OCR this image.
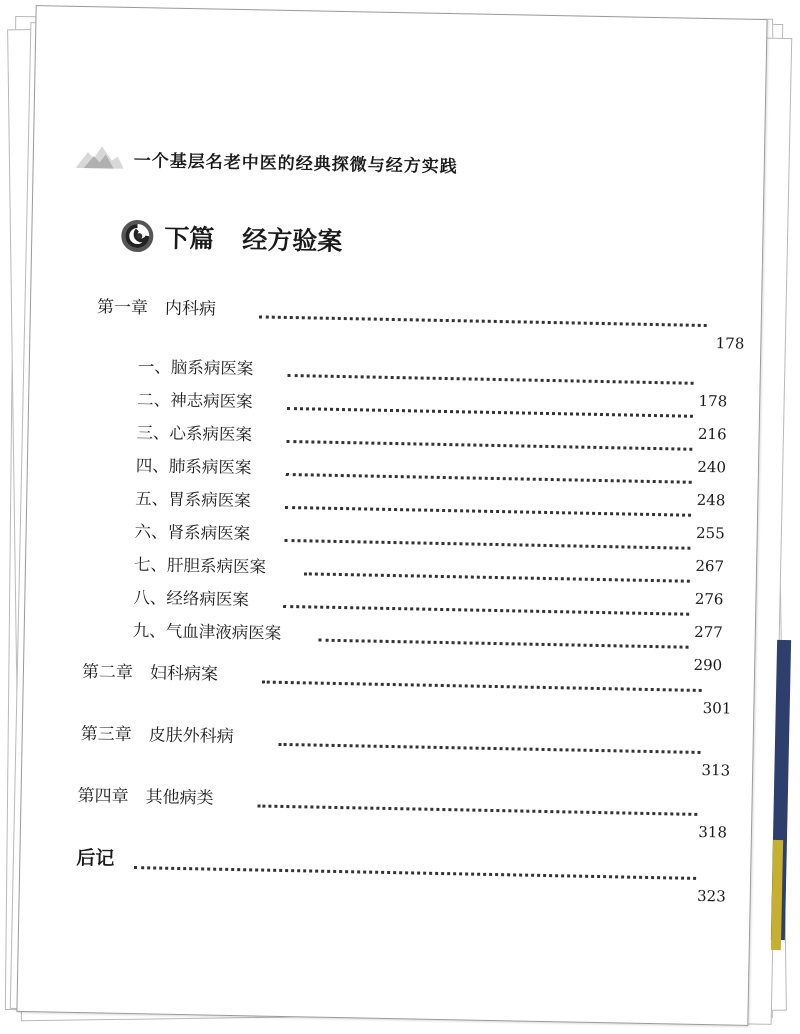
一个基层名老中医的经典探微与经方实践
下篇 经方验案
第一章　内科病
178
一、脑系病医案
178
二、神志病医案
216
三、心系病医案
240
四、肺系病医案
248
五、胃系病医案
255
六、肾系病医案
267
七、肝胆系病医案
276
八、经络病医案
277
九、气血津液病医案
290
第二章　妇科病案
301
第三章　皮肤外科病
313
第四章　其他病类
318
后记
323
